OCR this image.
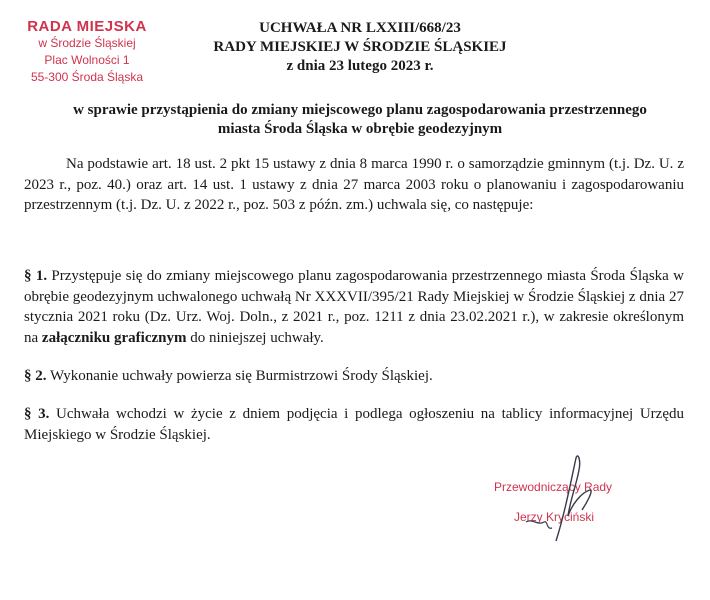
RADA MIEJSKA
w Środzie Śląskiej
Plac Wolności 1
55-300 Środa Śląska
UCHWAŁA NR LXXIII/668/23
RADY MIEJSKIEJ W ŚRODZIE ŚLĄSKIEJ
z dnia 23 lutego 2023 r.
w sprawie przystąpienia do zmiany miejscowego planu zagospodarowania przestrzennego
miasta Środa Śląska w obrębie geodezyjnym
Na podstawie art. 18 ust. 2 pkt 15 ustawy z dnia 8 marca 1990 r. o samorządzie gminnym (t.j. Dz. U. z 2023 r., poz. 40.) oraz art. 14 ust. 1 ustawy z dnia 27 marca 2003 roku o planowaniu i zagospodarowaniu przestrzennym (t.j. Dz. U. z 2022 r., poz. 503 z późn. zm.) uchwala się, co następuje:
§ 1. Przystępuje się do zmiany miejscowego planu zagospodarowania przestrzennego miasta Środa Śląska w obrębie geodezyjnym uchwalonego uchwałą Nr XXXVII/395/21 Rady Miejskiej w Środzie Śląskiej z dnia 27 stycznia 2021 roku (Dz. Urz. Woj. Doln., z 2021 r., poz. 1211 z dnia 23.02.2021 r.), w zakresie określonym na załączniku graficznym do niniejszej uchwały.
§ 2. Wykonanie uchwały powierza się Burmistrzowi Środy Śląskiej.
§ 3. Uchwała wchodzi w życie z dniem podjęcia i podlega ogłoszeniu na tablicy informacyjnej Urzędu Miejskiego w Środzie Śląskiej.
Przewodniczący Rady
Jerzy Kryciński
